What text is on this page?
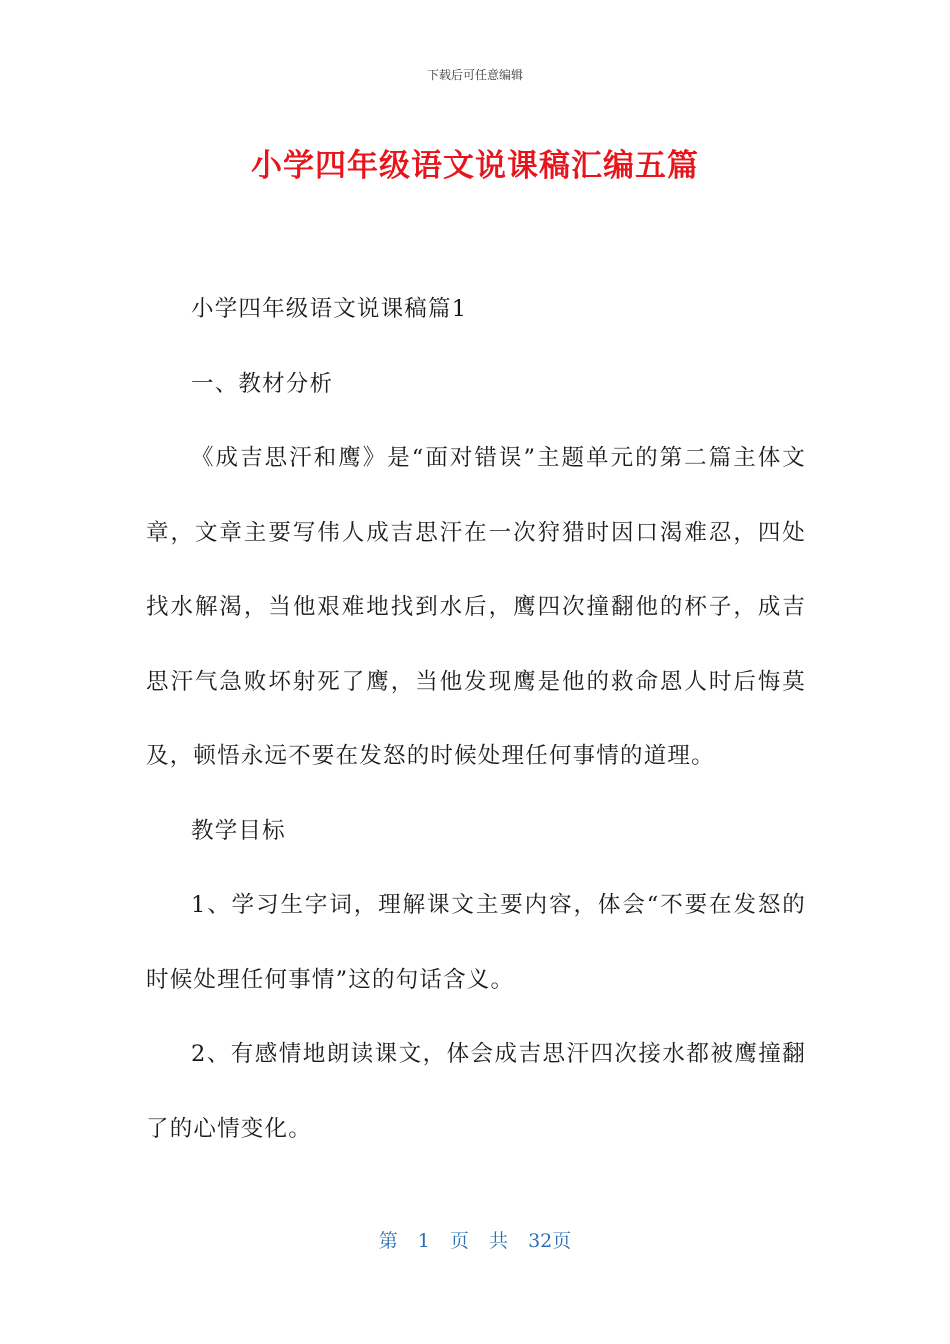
下载后可任意编辑
小学四年级语文说课稿汇编五篇

小学四年级语文说课稿篇1

一、教材分析

《成吉思汗和鹰》是“面对错误”主题单元的第二篇主体文章，文章主要写伟人成吉思汗在一次狩猎时因口渴难忍，四处找水解渴，当他艰难地找到水后，鹰四次撞翻他的杯子，成吉思汗气急败坏射死了鹰，当他发现鹰是他的救命恩人时后悔莫及，顿悟永远不要在发怒的时候处理任何事情的道理。

教学目标

1、学习生字词，理解课文主要内容，体会“不要在发怒的时候处理任何事情”这的句话含义。

2、有感情地朗读课文，体会成吉思汗四次接水都被鹰撞翻了的心情变化。

第 1 页 共 32页
